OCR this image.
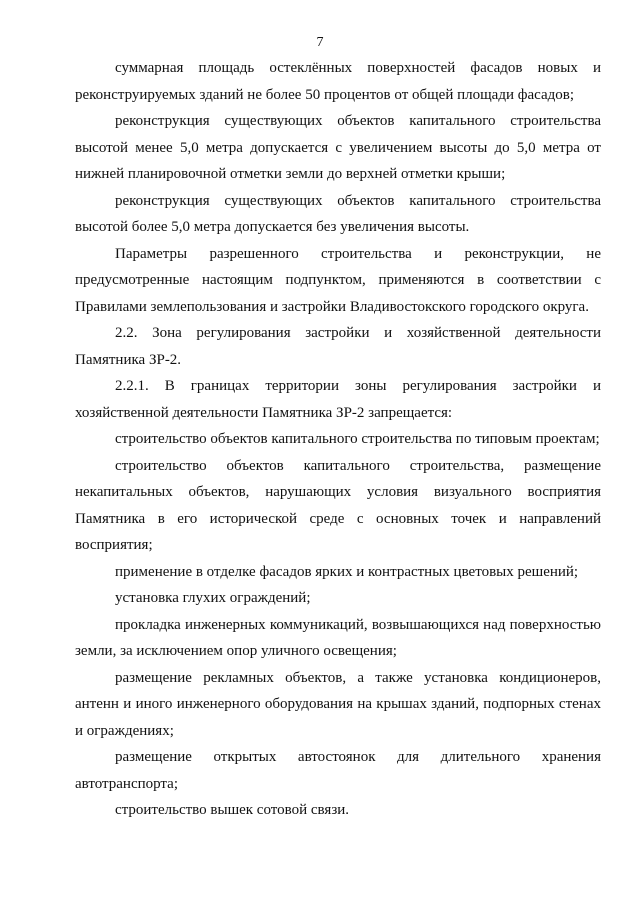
7

суммарная площадь остеклённых поверхностей фасадов новых и реконструируемых зданий не более 50 процентов от общей площади фасадов;

реконструкция существующих объектов капитального строительства высотой менее 5,0 метра допускается с увеличением высоты до 5,0 метра от нижней планировочной отметки земли до верхней отметки крыши;

реконструкция существующих объектов капитального строительства высотой более 5,0 метра допускается без увеличения высоты.

Параметры разрешенного строительства и реконструкции, не предусмотренные настоящим подпунктом, применяются в соответствии с Правилами землепользования и застройки Владивостокского городского округа.

2.2. Зона регулирования застройки и хозяйственной деятельности Памятника ЗР-2.

2.2.1. В границах территории зоны регулирования застройки и хозяйственной деятельности Памятника ЗР-2 запрещается:

строительство объектов капитального строительства по типовым проектам;

строительство объектов капитального строительства, размещение некапитальных объектов, нарушающих условия визуального восприятия Памятника в его исторической среде с основных точек и направлений восприятия;

применение в отделке фасадов ярких и контрастных цветовых решений;

установка глухих ограждений;

прокладка инженерных коммуникаций, возвышающихся над поверхностью земли, за исключением опор уличного освещения;

размещение рекламных объектов, а также установка кондиционеров, антенн и иного инженерного оборудования на крышах зданий, подпорных стенах и ограждениях;

размещение открытых автостоянок для длительного хранения автотранспорта;

строительство вышек сотовой связи.
